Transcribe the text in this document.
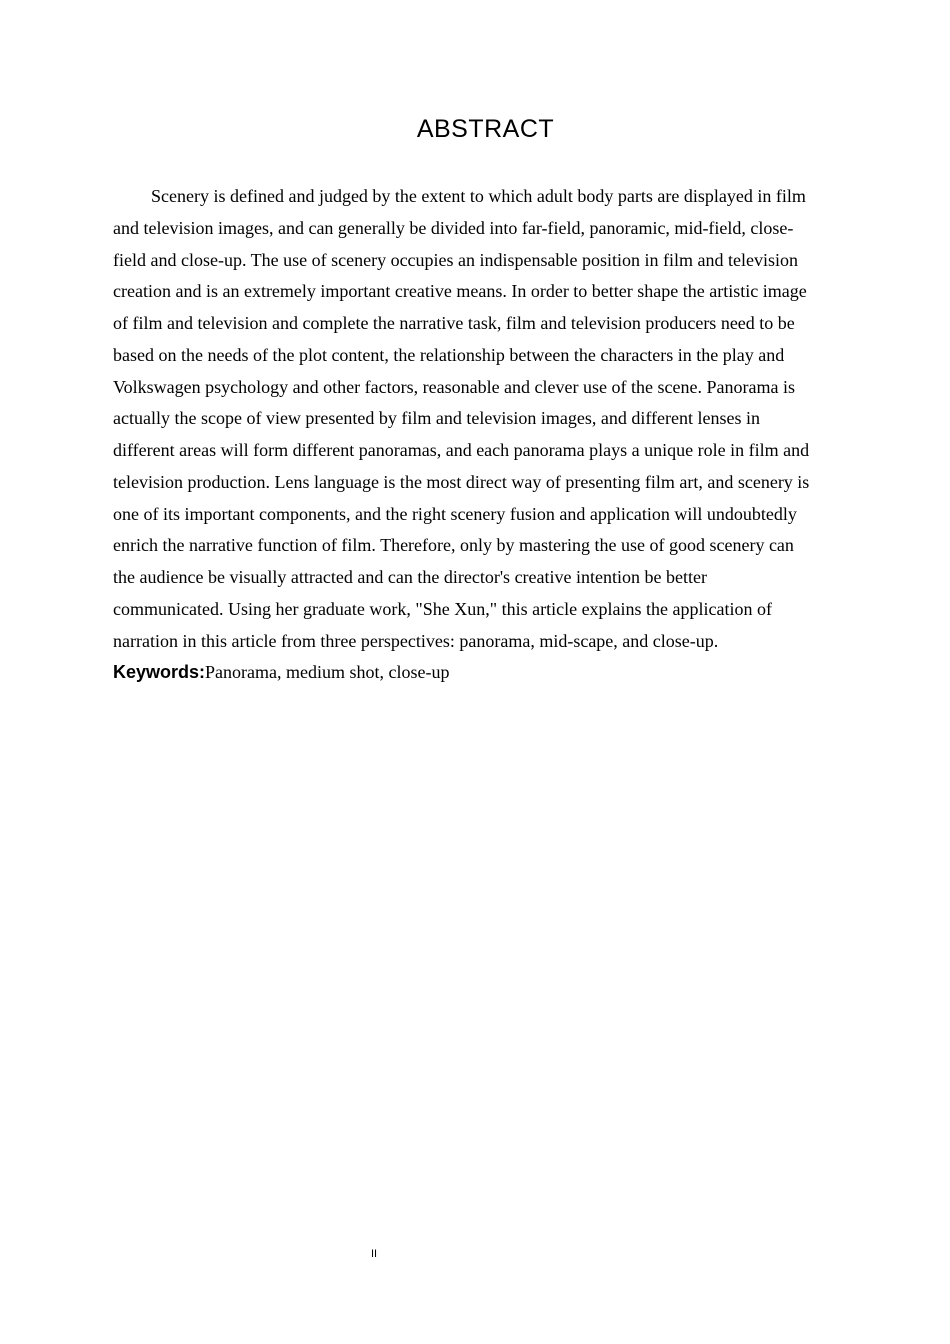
ABSTRACT
Scenery is defined and judged by the extent to which adult body parts are displayed in film
and television images, and can generally be divided into far-field, panoramic, mid-field, close-
field and close-up. The use of scenery occupies an indispensable position in film and television
creation and is an extremely important creative means. In order to better shape the artistic image
of film and television and complete the narrative task, film and television producers need to be
based on the needs of the plot content, the relationship between the characters in the play and
Volkswagen psychology and other factors, reasonable and clever use of the scene. Panorama is
actually the scope of view presented by film and television images, and different lenses in
different areas will form different panoramas, and each panorama plays a unique role in film and
television production. Lens language is the most direct way of presenting film art, and scenery is
one of its important components, and the right scenery fusion and application will undoubtedly
enrich the narrative function of film. Therefore, only by mastering the use of good scenery can
the audience be visually attracted and can the director's creative intention be better
communicated. Using her graduate work, "She Xun," this article explains the application of
narration in this article from three perspectives: panorama, mid-scape, and close-up.

Keywords:Panorama, medium shot, close-up

II
